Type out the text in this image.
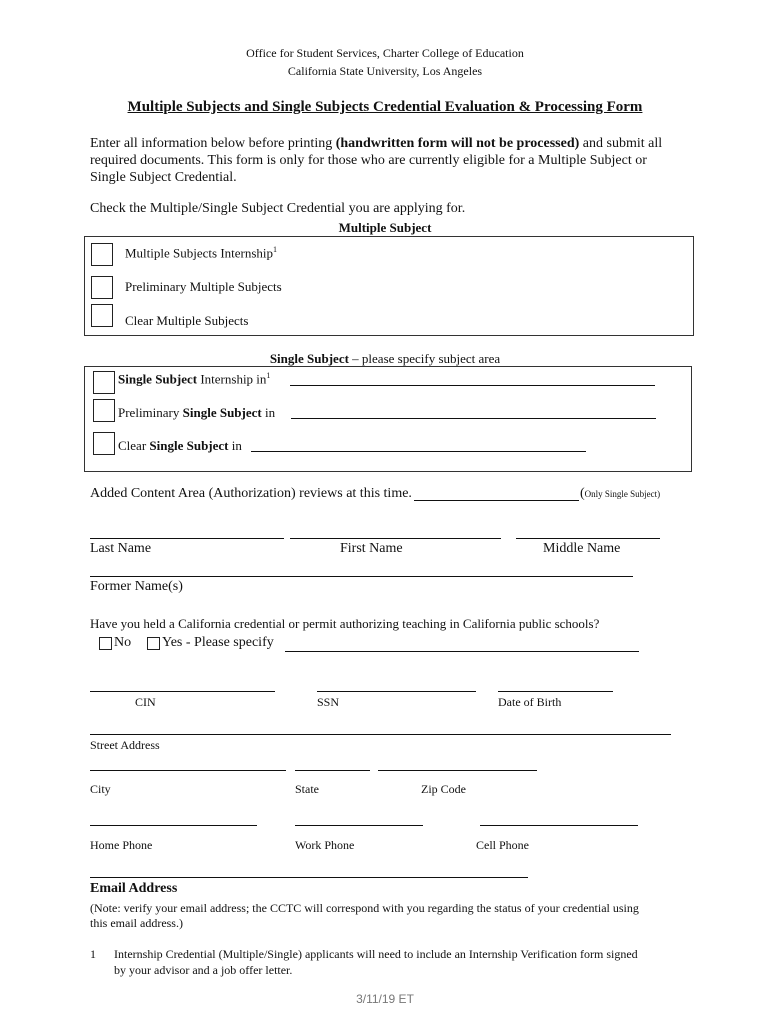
Office for Student Services, Charter College of Education
California State University, Los Angeles
Multiple Subjects and Single Subjects Credential Evaluation & Processing Form
Enter all information below before printing (handwritten form will not be processed) and submit all required documents. This form is only for those who are currently eligible for a Multiple Subject or Single Subject Credential.
Check the Multiple/Single Subject Credential you are applying for.
Multiple Subject
Multiple Subjects Internship$^1$
Preliminary Multiple Subjects
Clear Multiple Subjects
Single Subject – please specify subject area
Single Subject Internship $in^1$
Preliminary Single Subject in
Clear Single Subject in
Added Content Area (Authorization) reviews at this time.	(Only Single Subject)
Last Name	First Name	Middle Name
Former Name(s)
Have you held a California credential or permit authorizing teaching in California public schools?
No Yes - Please specify
CIN	SSN	Date of Birth
Street Address
City	State	Zip Code
Home Phone	Work Phone	Cell Phone
Email Address
(Note: verify your email address; the CCTC will correspond with you regarding the status of your credential using
this email address.)
1 Internship Credential (Multiple/Single) applicants will need to include an Internship Verification form signed
by your advisor and a job offer letter.
3/11/19 ET
